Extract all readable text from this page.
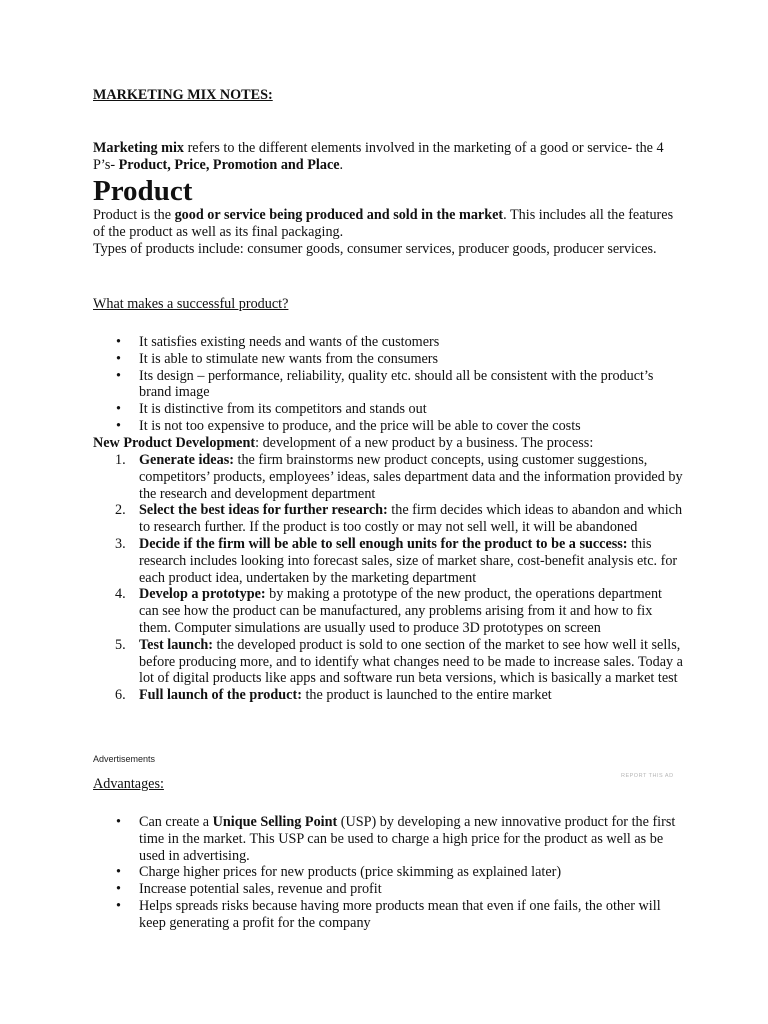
MARKETING MIX NOTES:
Marketing mix refers to the different elements involved in the marketing of a good or service- the 4 P’s- Product, Price, Promotion and Place.
Product
Product is the good or service being produced and sold in the market. This includes all the features of the product as well as its final packaging.
Types of products include: consumer goods, consumer services, producer goods, producer services.
What makes a successful product?
• It satisfies existing needs and wants of the customers
• It is able to stimulate new wants from the consumers
• Its design – performance, reliability, quality etc. should all be consistent with the product’s brand image
• It is distinctive from its competitors and stands out
• It is not too expensive to produce, and the price will be able to cover the costs
New Product Development: development of a new product by a business. The process:
1. Generate ideas: the firm brainstorms new product concepts, using customer suggestions, competitors’ products, employees’ ideas, sales department data and the information provided by the research and development department
2. Select the best ideas for further research: the firm decides which ideas to abandon and which to research further. If the product is too costly or may not sell well, it will be abandoned
3. Decide if the firm will be able to sell enough units for the product to be a success: this research includes looking into forecast sales, size of market share, cost-benefit analysis etc. for each product idea, undertaken by the marketing department
4. Develop a prototype: by making a prototype of the new product, the operations department can see how the product can be manufactured, any problems arising from it and how to fix them. Computer simulations are usually used to produce 3D prototypes on screen
5. Test launch: the developed product is sold to one section of the market to see how well it sells, before producing more, and to identify what changes need to be made to increase sales. Today a lot of digital products like apps and software run beta versions, which is basically a market test
6. Full launch of the product: the product is launched to the entire market
Advertisements
REPORT THIS AD
Advantages:
• Can create a Unique Selling Point (USP) by developing a new innovative product for the first time in the market. This USP can be used to charge a high price for the product as well as be used in advertising.
• Charge higher prices for new products (price skimming as explained later)
• Increase potential sales, revenue and profit
• Helps spreads risks because having more products mean that even if one fails, the other will keep generating a profit for the company
